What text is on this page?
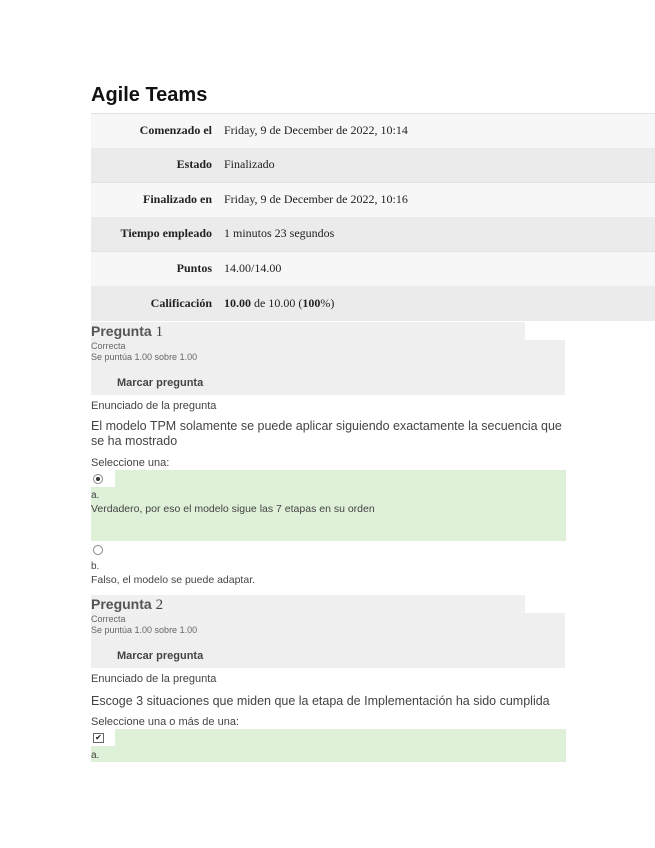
Agile Teams
Comenzado el	Friday, 9 de December de 2022, 10:14
Estado	Finalizado
Finalizado en	Friday, 9 de December de 2022, 10:16
Tiempo empleado	1 minutos 23 segundos
Puntos	14.00/14.00
Calificación	10.00 de 10.00 (100%)
Pregunta 1
Correcta
Se puntúa 1.00 sobre 1.00
Marcar pregunta
Enunciado de la pregunta
El modelo TPM solamente se puede aplicar siguiendo exactamente la secuencia que se ha mostrado
Seleccione una:
a.
Verdadero, por eso el modelo sigue las 7 etapas en su orden
b.
Falso, el modelo se puede adaptar.
Pregunta 2
Correcta
Se puntúa 1.00 sobre 1.00
Marcar pregunta
Enunciado de la pregunta
Escoge 3 situaciones que miden que la etapa de Implementación ha sido cumplida
Seleccione una o más de una:
✔
a.
